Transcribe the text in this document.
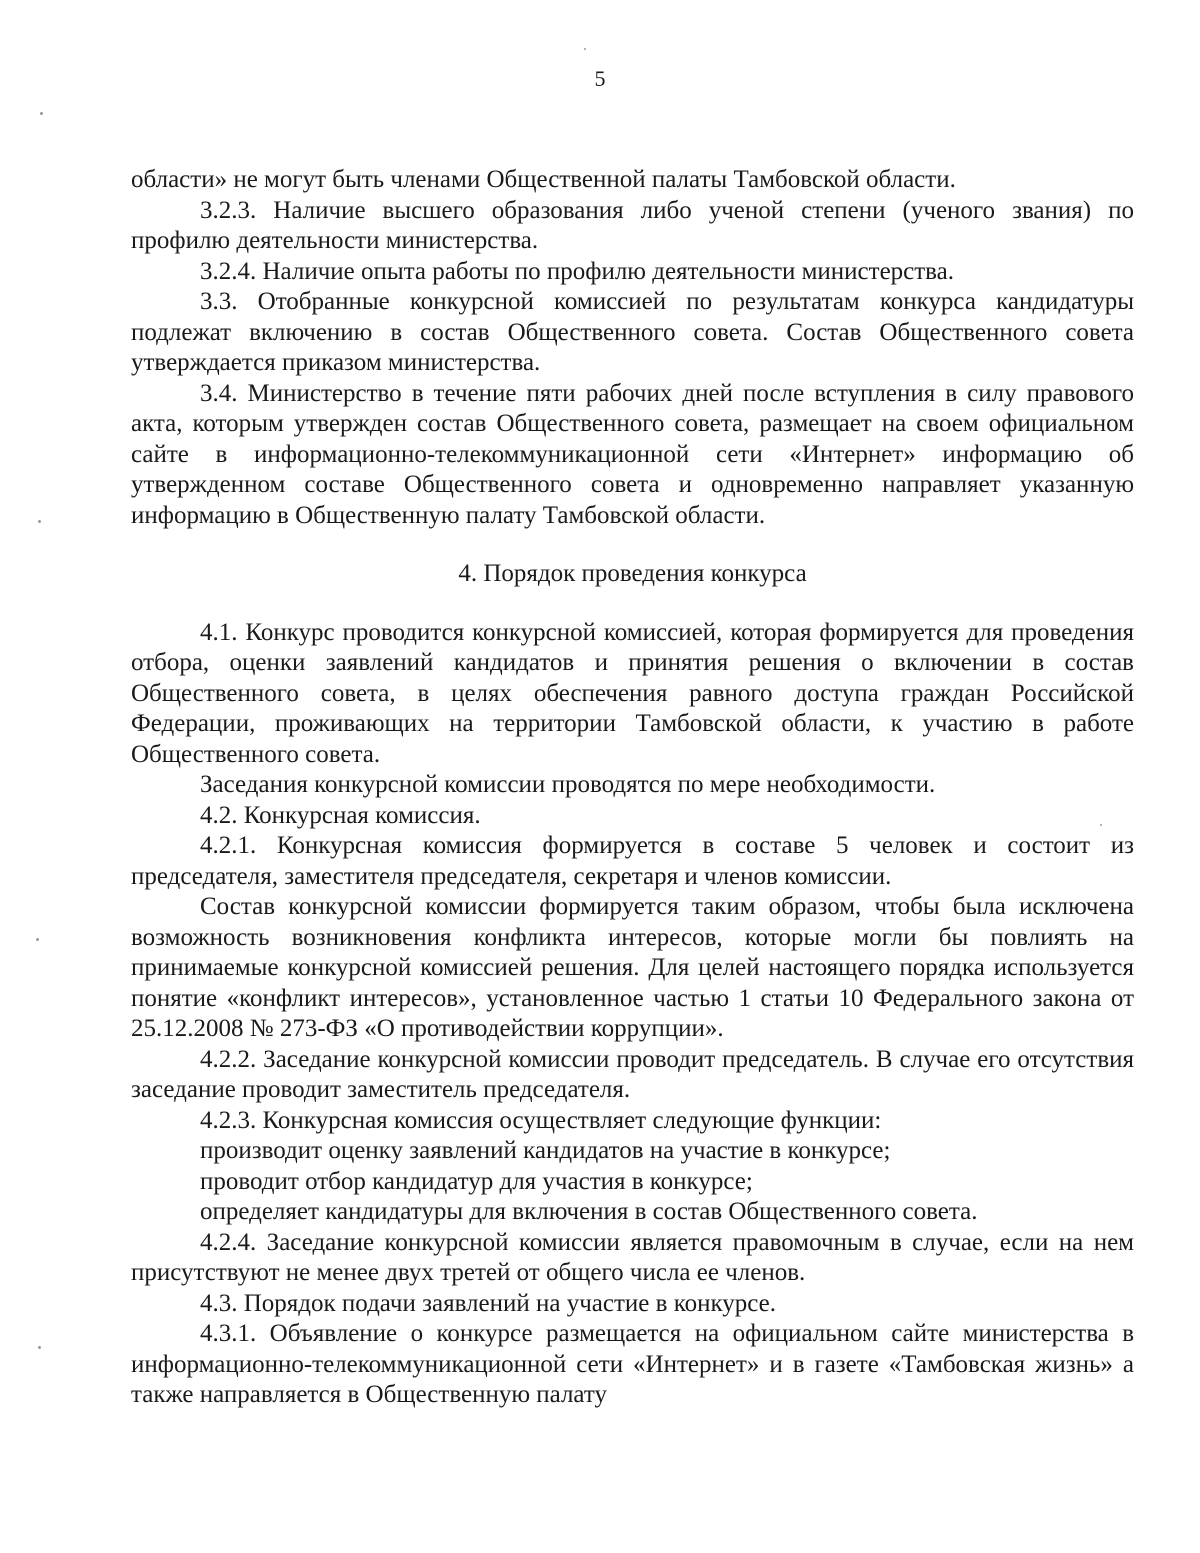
5

области» не могут быть членами Общественной палаты Тамбовской области.

3.2.3. Наличие высшего образования либо ученой степени (ученого звания) по профилю деятельности министерства.

3.2.4. Наличие опыта работы по профилю деятельности министерства.

3.3. Отобранные конкурсной комиссией по результатам конкурса кандидатуры подлежат включению в состав Общественного совета. Состав Общественного совета утверждается приказом министерства.

3.4. Министерство в течение пяти рабочих дней после вступления в силу правового акта, которым утвержден состав Общественного совета, размещает на своем официальном сайте в информационно-телекоммуникационной сети «Интернет» информацию об утвержденном составе Общественного совета и одновременно направляет указанную информацию в Общественную палату Тамбовской области.

4. Порядок проведения конкурса

4.1. Конкурс проводится конкурсной комиссией, которая формируется для проведения отбора, оценки заявлений кандидатов и принятия решения о включении в состав Общественного совета, в целях обеспечения равного доступа граждан Российской Федерации, проживающих на территории Тамбовской области, к участию в работе Общественного совета.

Заседания конкурсной комиссии проводятся по мере необходимости.

4.2. Конкурсная комиссия.

4.2.1. Конкурсная комиссия формируется в составе 5 человек и состоит из председателя, заместителя председателя, секретаря и членов комиссии.

Состав конкурсной комиссии формируется таким образом, чтобы была исключена возможность возникновения конфликта интересов, которые могли бы повлиять на принимаемые конкурсной комиссией решения. Для целей настоящего порядка используется понятие «конфликт интересов», установленное частью 1 статьи 10 Федерального закона от 25.12.2008 № 273-ФЗ «О противодействии коррупции».

4.2.2. Заседание конкурсной комиссии проводит председатель. В случае его отсутствия заседание проводит заместитель председателя.

4.2.3. Конкурсная комиссия осуществляет следующие функции:

производит оценку заявлений кандидатов на участие в конкурсе;

проводит отбор кандидатур для участия в конкурсе;

определяет кандидатуры для включения в состав Общественного совета.

4.2.4. Заседание конкурсной комиссии является правомочным в случае, если на нем присутствуют не менее двух третей от общего числа ее членов.

4.3. Порядок подачи заявлений на участие в конкурсе.

4.3.1. Объявление о конкурсе размещается на официальном сайте министерства в информационно-телекоммуникационной сети «Интернет» и в газете «Тамбовская жизнь» а также направляется в Общественную палату
